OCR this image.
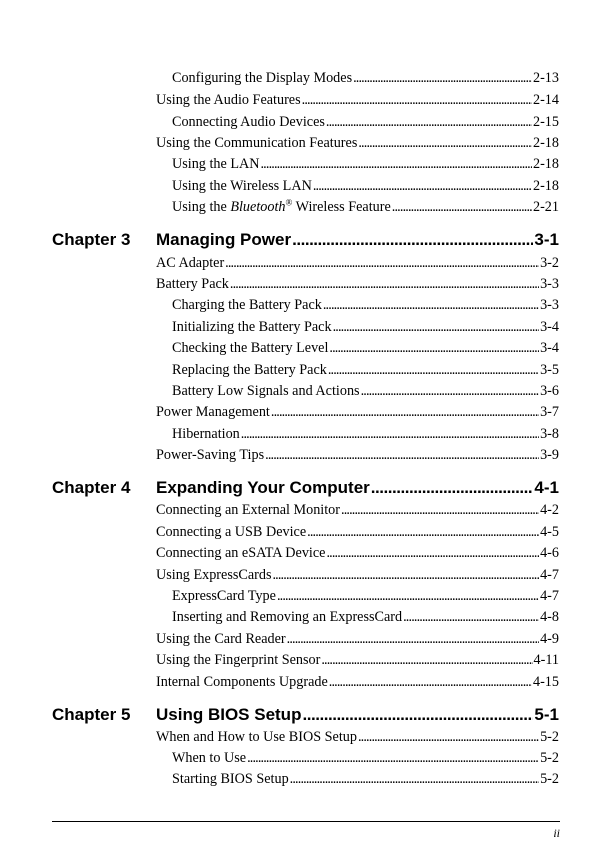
Configuring the Display Modes . . .	2-13
Using the Audio Features . . .	2-14
Connecting Audio Devices . . .	2-15
Using the Communication Features . . .	2-18
Using the LAN . . .	2-18
Using the Wireless LAN . . .	2-18
Using the Bluetooth® Wireless Feature . . .	2-21
Chapter 3 Managing Power . . .	3-1
AC Adapter . . .	3-2
Battery Pack . . .	3-3
Charging the Battery Pack . . .	3-3
Initializing the Battery Pack . . .	3-4
Checking the Battery Level . . .	3-4
Replacing the Battery Pack . . .	3-5
Battery Low Signals and Actions . . .	3-6
Power Management . . .	3-7
Hibernation . . .	3-8
Power-Saving Tips . . .	3-9
Chapter 4 Expanding Your Computer . . .	4-1
Connecting an External Monitor . . .	4-2
Connecting a USB Device . . .	4-5
Connecting an eSATA Device . . .	4-6
Using ExpressCards . . .	4-7
ExpressCard Type . . .	4-7
Inserting and Removing an ExpressCard . . .	4-8
Using the Card Reader . . .	4-9
Using the Fingerprint Sensor . . .	4-11
Internal Components Upgrade . . .	4-15
Chapter 5 Using BIOS Setup . . .	5-1
When and How to Use BIOS Setup . . .	5-2
When to Use . . .	5-2
Starting BIOS Setup . . .	5-2
ii
